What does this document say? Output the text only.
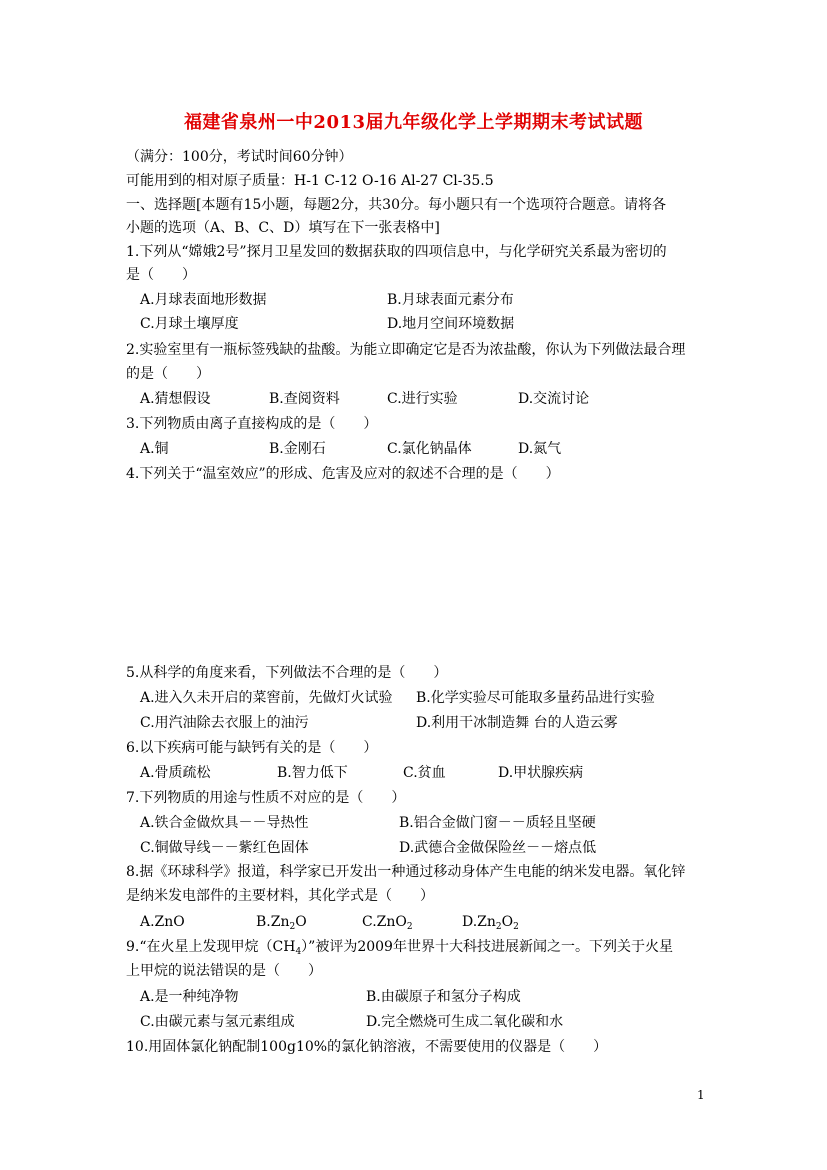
福建省泉州一中2013届九年级化学上学期期末考试试题
（满分：100分，考试时间60分钟）
可能用到的相对原子质量：H-1 C-12 O-16 Al-27 Cl-35.5
一、选择题[本题有15小题，每题2分，共30分。每小题只有一个选项符合题意。请将各
小题的选项（A、B、C、D）填写在下一张表格中]
1.下列从“嫦娥2号”探月卫星发回的数据获取的四项信息中，与化学研究关系最为密切的
是（　　）
A.月球表面地形数据	B.月球表面元素分布
C.月球土壤厚度	D.地月空间环境数据
2.实验室里有一瓶标签残缺的盐酸。为能立即确定它是否为浓盐酸，你认为下列做法最合理
的是（　　）
A.猜想假设	B.查阅资料	C.进行实验	D.交流讨论
3.下列物质由离子直接构成的是（　　）
A.铜	B.金刚石	C.氯化钠晶体	D.氮气
4.下列关于“温室效应”的形成、危害及应对的叙述不合理的是（　　）
5.从科学的角度来看，下列做法不合理的是（　　）
A.进入久未开启的菜窖前，先做灯火试验 B.化学实验尽可能取多量药品进行实验
C.用汽油除去衣服上的油污	D.利用干冰制造舞 台的人造云雾
6.以下疾病可能与缺钙有关的是（　　）
A.骨质疏松	B.智力低下	C.贫血	D.甲状腺疾病
7.下列物质的用途与性质不对应的是（　　）
A.铁合金做炊具－－导热性	B.铝合金做门窗－－质轻且坚硬
C.铜做导线－－紫红色固体	D.武德合金做保险丝－－熔点低
8.据《环球科学》报道，科学家已开发出一种通过移动身体产生电能的纳米发电器。氧化锌
是纳米发电部件的主要材料，其化学式是（　　）
A.ZnO	$B.Zn_2O$	C.ZnO$_2$	$D.Zn_2O_2$
9.“在火星上发现甲烷$(CH_4)$”被评为2009年世界十大科技进展新闻之一。下列关于火星
上甲烷的说法错误的是（　　）
A.是一种纯净物	B.由碳原子和氢分子构成
C.由碳元素与氢元素组成	D.完全燃烧可生成二氧化碳和水
10.用固体氯化钠配制100g10%的氯化钠溶液，不需要使用的仪器是（　　）
1
